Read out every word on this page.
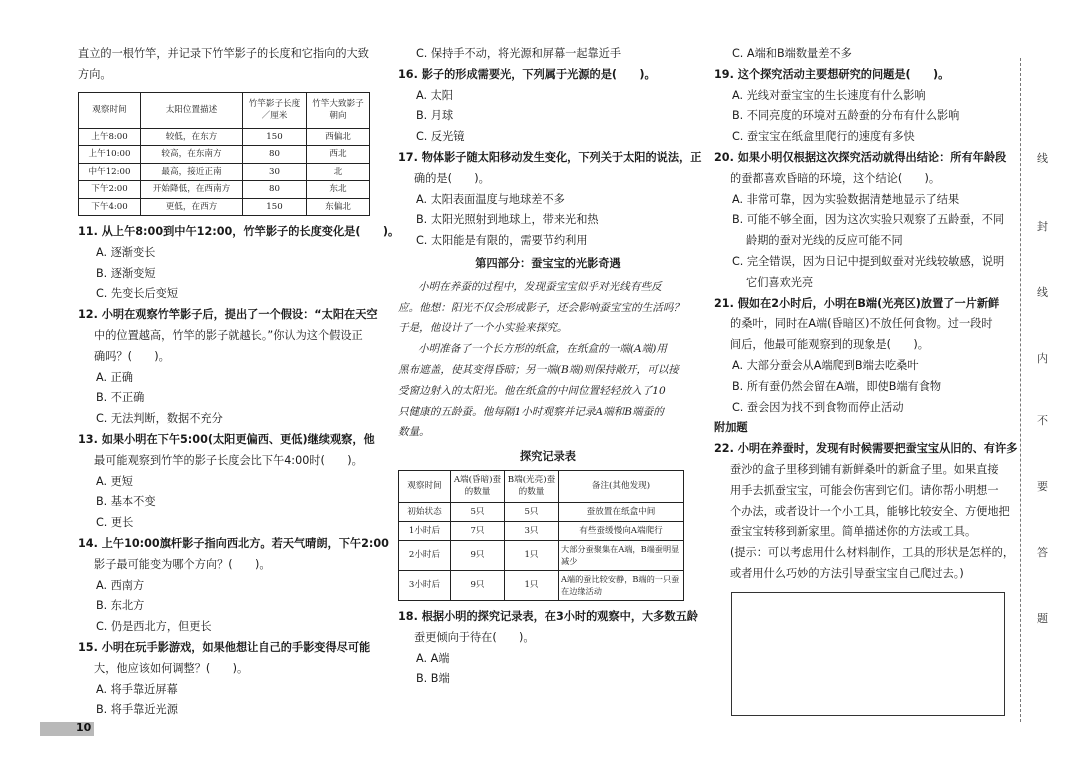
直立的一根竹竿，并记录下竹竿影子的长度和它指向的大致
方向。
观察时间	太阳位置描述	竹竿影子长度／厘米	竹竿大致影子朝向
上午8:00	较低，在东方	150	西偏北
上午10:00	较高，在东南方	80	西北
中午12:00	最高，接近正南	30	北
下午2:00	开始降低，在西南方	80	东北
下午4:00	更低，在西方	150	东偏北
11. 从上午8:00到中午12:00，竹竿影子的长度变化是(　　)。
A. 逐渐变长
B. 逐渐变短
C. 先变长后变短
12. 小明在观察竹竿影子后，提出了一个假设：“太阳在天空
中的位置越高，竹竿的影子就越长。”你认为这个假设正
确吗？(　　)。
A. 正确
B. 不正确
C. 无法判断，数据不充分
13. 如果小明在下午5:00(太阳更偏西、更低)继续观察，他
最可能观察到竹竿的影子长度会比下午4:00时(　　)。
A. 更短
B. 基本不变
C. 更长
14. 上午10:00旗杆影子指向西北方。若天气晴朗，下午2:00
影子最可能变为哪个方向？(　　)。
A. 西南方
B. 东北方
C. 仍是西北方，但更长
15. 小明在玩手影游戏，如果他想让自己的手影变得尽可能
大，他应该如何调整？(　　)。
A. 将手靠近屏幕
B. 将手靠近光源
C. 保持手不动，将光源和屏幕一起靠近手
16. 影子的形成需要光，下列属于光源的是(　　)。
A. 太阳
B. 月球
C. 反光镜
17. 物体影子随太阳移动发生变化，下列关于太阳的说法，正
确的是(　　)。
A. 太阳表面温度与地球差不多
B. 太阳光照射到地球上，带来光和热
C. 太阳能是有限的，需要节约利用
第四部分：蚕宝宝的光影奇遇
小明在养蚕的过程中，发现蚕宝宝似乎对光线有些反
应。他想：阳光不仅会形成影子，还会影响蚕宝宝的生活吗？
于是，他设计了一个小实验来探究。
小明准备了一个长方形的纸盒，在纸盒的一端(A端)用
黑布遮盖，使其变得昏暗；另一端(B端)则保持敞开，可以接
受窗边射入的太阳光。他在纸盒的中间位置轻轻放入了10
只健康的五龄蚕。他每隔1小时观察并记录A端和B端蚕的
数量。
探究记录表
观察时间	A端(昏暗)蚕的数量	B端(光亮)蚕的数量	备注(其他发现)
初始状态	5只	5只	蚕放置在纸盒中间
1小时后	7只	3只	有些蚕缓慢向A端爬行
2小时后	9只	1只	大部分蚕聚集在A端，B端蚕明显减少
3小时后	9只	1只	A端的蚕比较安静，B端的一只蚕在边缘活动
18. 根据小明的探究记录表，在3小时的观察中，大多数五龄
蚕更倾向于待在(　　)。
A. A端
B. B端
C. A端和B端数量差不多
19. 这个探究活动主要想研究的问题是(　　)。
A. 光线对蚕宝宝的生长速度有什么影响
B. 不同亮度的环境对五龄蚕的分布有什么影响
C. 蚕宝宝在纸盒里爬行的速度有多快
20. 如果小明仅根据这次探究活动就得出结论：所有年龄段
的蚕都喜欢昏暗的环境，这个结论(　　)。
A. 非常可靠，因为实验数据清楚地显示了结果
B. 可能不够全面，因为这次实验只观察了五龄蚕，不同
龄期的蚕对光线的反应可能不同
C. 完全错误，因为日记中提到蚁蚕对光线较敏感，说明
它们喜欢光亮
21. 假如在2小时后，小明在B端(光亮区)放置了一片新鲜
的桑叶，同时在A端(昏暗区)不放任何食物。过一段时
间后，他最可能观察到的现象是(　　)。
A. 大部分蚕会从A端爬到B端去吃桑叶
B. 所有蚕仍然会留在A端，即使B端有食物
C. 蚕会因为找不到食物而停止活动
附加题
22. 小明在养蚕时，发现有时候需要把蚕宝宝从旧的、有许多
蚕沙的盒子里移到铺有新鲜桑叶的新盒子里。如果直接
用手去抓蚕宝宝，可能会伤害到它们。请你帮小明想一
个办法，或者设计一个小工具，能够比较安全、方便地把
蚕宝宝转移到新家里。简单描述你的方法或工具。
(提示：可以考虑用什么材料制作，工具的形状是怎样的，
或者用什么巧妙的方法引导蚕宝宝自己爬过去。)
线
封
线
内
不
要
答
题
10
